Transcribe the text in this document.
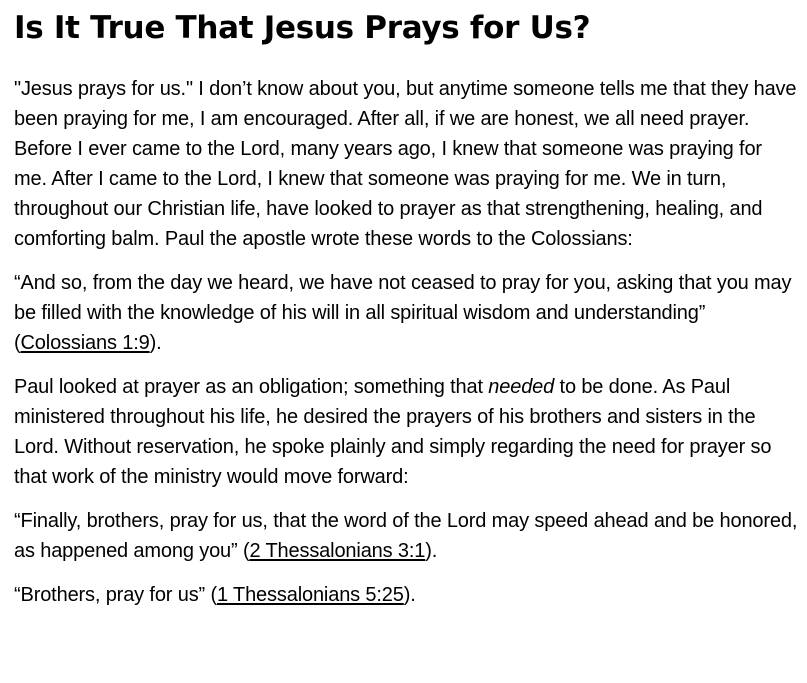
Is It True That Jesus Prays for Us?

"Jesus prays for us." I don’t know about you, but anytime someone tells me that they have been praying for me, I am encouraged. After all, if we are honest, we all need prayer. Before I ever came to the Lord, many years ago, I knew that someone was praying for me. After I came to the Lord, I knew that someone was praying for me. We in turn, throughout our Christian life, have looked to prayer as that strengthening, healing, and comforting balm. Paul the apostle wrote these words to the Colossians:

“And so, from the day we heard, we have not ceased to pray for you, asking that you may be filled with the knowledge of his will in all spiritual wisdom and understanding” (Colossians 1:9).

Paul looked at prayer as an obligation; something that needed to be done. As Paul ministered throughout his life, he desired the prayers of his brothers and sisters in the Lord. Without reservation, he spoke plainly and simply regarding the need for prayer so that work of the ministry would move forward:

“Finally, brothers, pray for us, that the word of the Lord may speed ahead and be honored, as happened among you” (2 Thessalonians 3:1).

“Brothers, pray for us” (1 Thessalonians 5:25).
